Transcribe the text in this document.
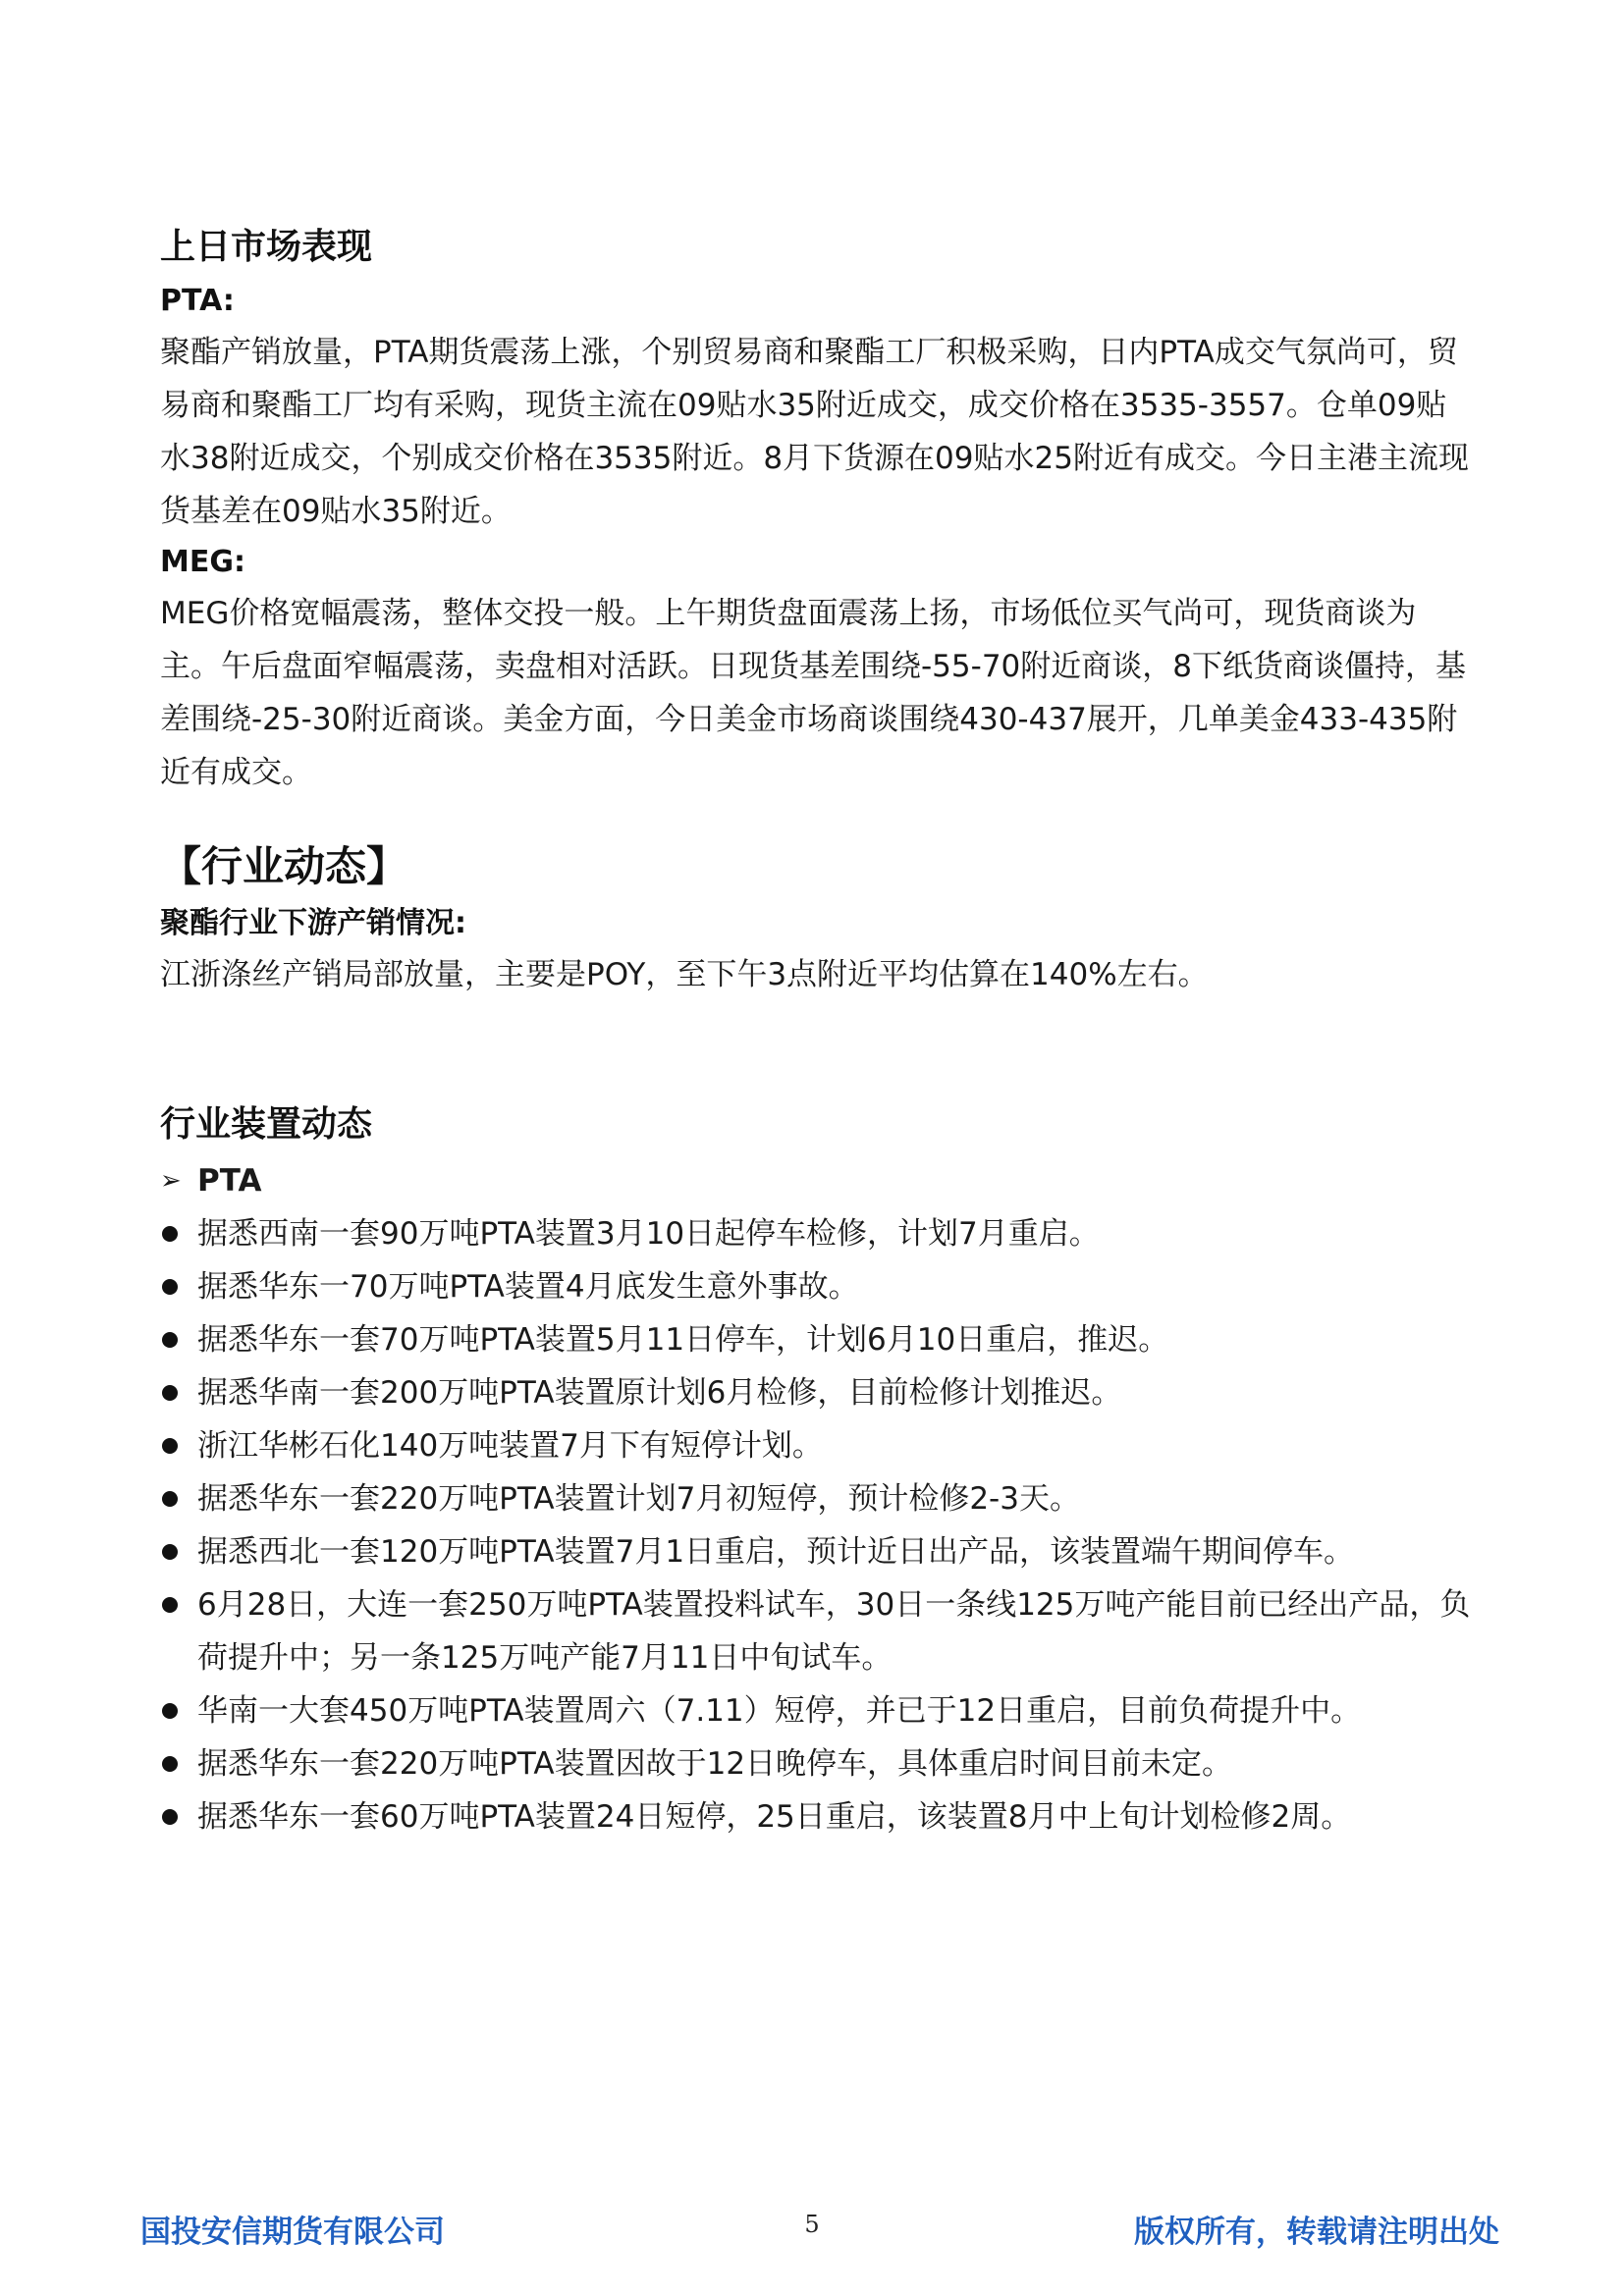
上日市场表现

PTA:

聚酯产销放量，PTA期货震荡上涨，个别贸易商和聚酯工厂积极采购，日内PTA成交气氛尚可，贸易商和聚酯工厂均有采购，现货主流在09贴水35附近成交，成交价格在3535-3557。仓单09贴水38附近成交，个别成交价格在3535附近。8月下货源在09贴水25附近有成交。今日主港主流现货基差在09贴水35附近。

MEG:

MEG价格宽幅震荡，整体交投一般。上午期货盘面震荡上扬，市场低位买气尚可，现货商谈为主。午后盘面窄幅震荡，卖盘相对活跃。日现货基差围绕-55-70附近商谈，8下纸货商谈僵持，基差围绕-25-30附近商谈。美金方面，今日美金市场商谈围绕430-437展开，几单美金433-435附近有成交。

【行业动态】

聚酯行业下游产销情况:

江浙涤丝产销局部放量，主要是POY，至下午3点附近平均估算在140%左右。

行业装置动态
➢ PTA
据悉西南一套90万吨PTA装置3月10日起停车检修，计划7月重启。
据悉华东一70万吨PTA装置4月底发生意外事故。
据悉华东一套70万吨PTA装置5月11日停车，计划6月10日重启，推迟。
据悉华南一套200万吨PTA装置原计划6月检修，目前检修计划推迟。
浙江华彬石化140万吨装置7月下有短停计划。
据悉华东一套220万吨PTA装置计划7月初短停，预计检修2-3天。
据悉西北一套120万吨PTA装置7月1日重启，预计近日出产品，该装置端午期间停车。
6月28日，大连一套250万吨PTA装置投料试车，30日一条线125万吨产能目前已经出产品，负荷提升中；另一条125万吨产能7月11日中旬试车。
华南一大套450万吨PTA装置周六（7.11）短停，并已于12日重启，目前负荷提升中。
据悉华东一套220万吨PTA装置因故于12日晚停车，具体重启时间目前未定。
据悉华东一套60万吨PTA装置24日短停，25日重启，该装置8月中上旬计划检修2周。
国投安信期货有限公司	5	版权所有，转载请注明出处
